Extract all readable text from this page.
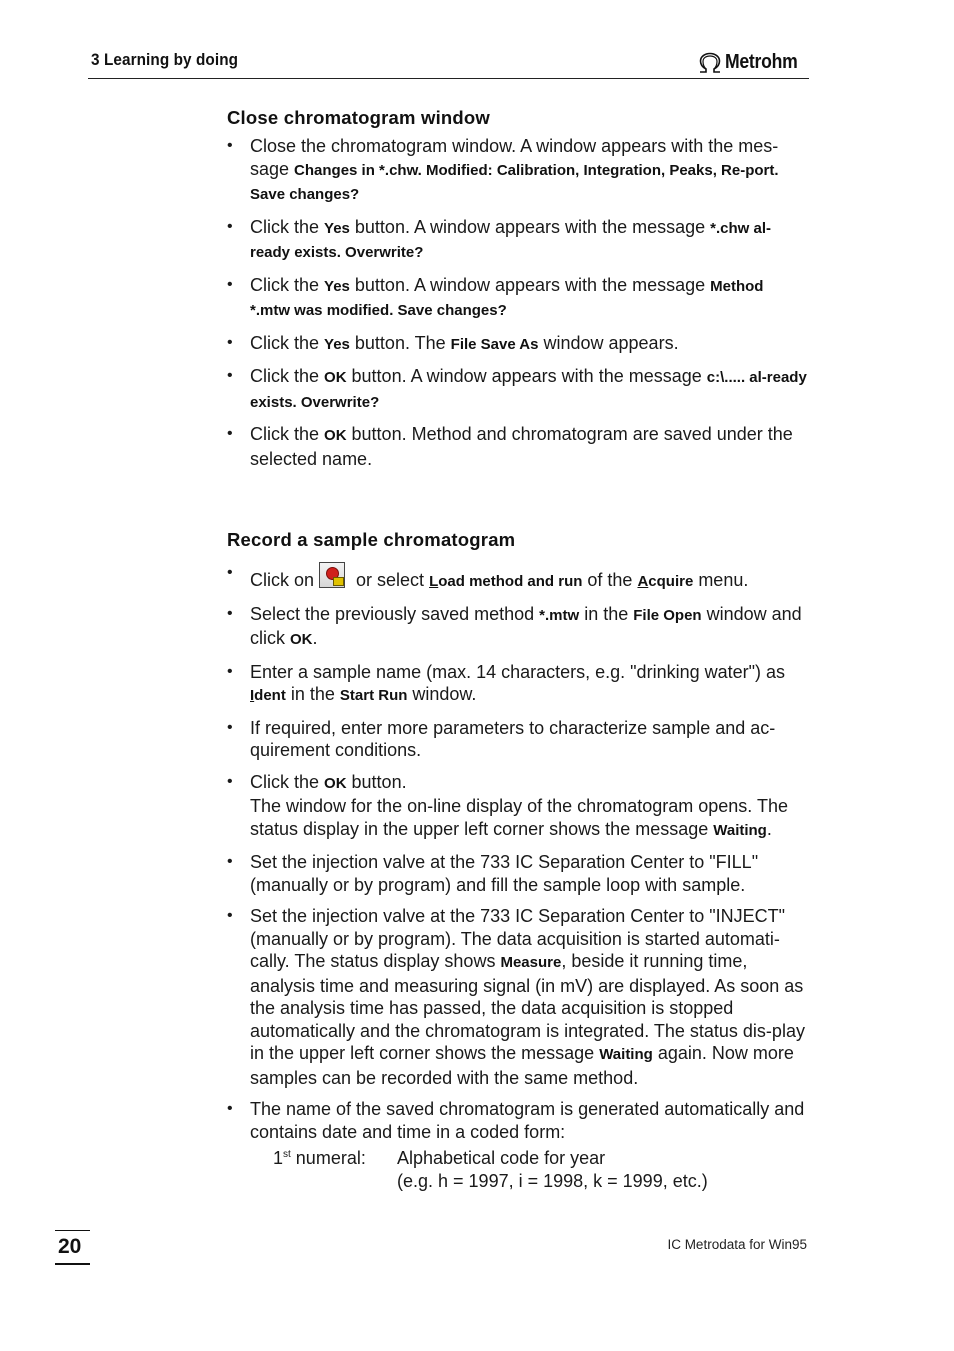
3 Learning by doing	Metrohm
Close chromatogram window
• Close the chromatogram window. A window appears with the mes-sage Changes in *.chw. Modified: Calibration, Integration, Peaks, Re-port. Save changes?
• Click the Yes button. A window appears with the message *.chw al-ready exists. Overwrite?
• Click the Yes button. A window appears with the message Method *.mtw was modified. Save changes?
• Click the Yes button. The File Save As window appears.
• Click the OK button. A window appears with the message c:\..... al-ready exists. Overwrite?
• Click the OK button. Method and chromatogram are saved under the selected name.
Record a sample chromatogram
• Click on
or select Load method and run of the Acquire menu.
• Select the previously saved method *.mtw in the File Open window and click OK.
• Enter a sample name (max. 14 characters, e.g. "drinking water") as Ident in the Start Run window.
• If required, enter more parameters to characterize sample and ac-quirement conditions.
• Click the OK button.
The window for the on-line display of the chromatogram opens. The status display in the upper left corner shows the message Waiting.
• Set the injection valve at the 733 IC Separation Center to "FILL" (manually or by program) and fill the sample loop with sample.
• Set the injection valve at the 733 IC Separation Center to "INJECT" (manually or by program). The data acquisition is started automati-cally. The status display shows Measure, beside it running time, analysis time and measuring signal (in mV) are displayed. As soon as the analysis time has passed, the data acquisition is stopped automatically and the chromatogram is integrated. The status dis-play in the upper left corner shows the message Waiting again. Now more samples can be recorded with the same method.
• The name of the saved chromatogram is generated automatically and contains date and time in a coded form:
1st numeral:	Alphabetical code for year
(e.g. h = 1997, i = 1998, k = 1999, etc.)
20	IC Metrodata for Win95
